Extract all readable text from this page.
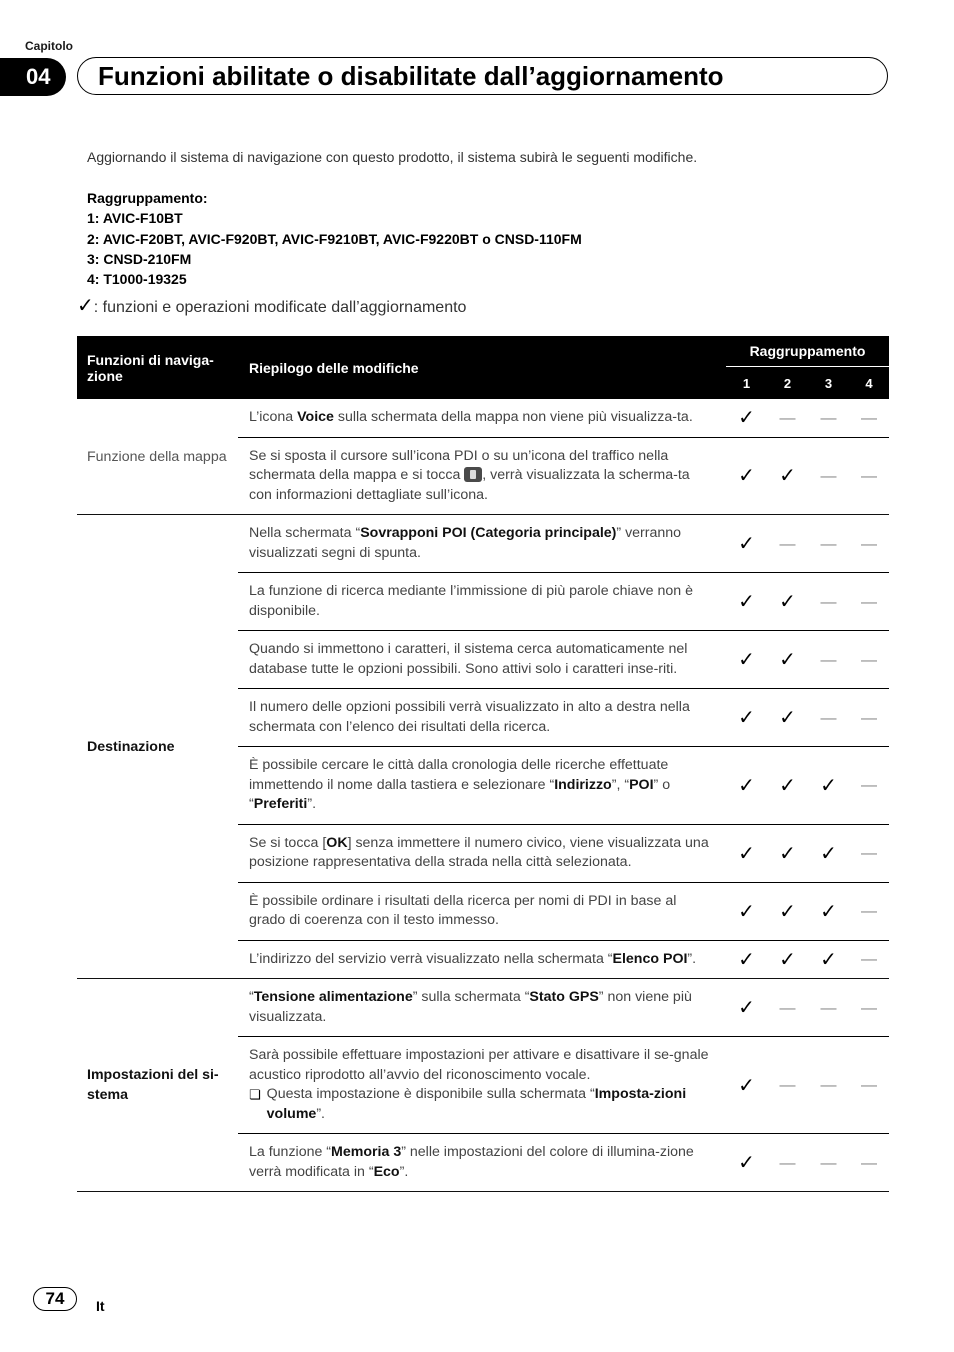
Capitolo
04	Funzioni abilitate o disabilitate dall’aggiornamento
Aggiornando il sistema di navigazione con questo prodotto, il sistema subirà le seguenti modifiche.
Raggruppamento:
1: AVIC-F10BT
2: AVIC-F20BT, AVIC-F920BT, AVIC-F9210BT, AVIC-F9220BT o CNSD-110FM
3: CNSD-210FM
4: T1000-19325
✓: funzioni e operazioni modificate dall’aggiornamento
Funzioni di naviga-zione	Riepilogo delle modifiche	Raggruppamento			
		1	2	3	4
Funzione della mappa	L’icona Voice sulla schermata della mappa non viene più visualizza-ta.	✓	—	—	—

	Se si sposta il cursore sull’icona PDI o su un’icona del traffico nella schermata della mappa e si tocca , verrà visualizzata la scherma-ta con informazioni dettagliate sull’icona.	✓	✓	—	—
Destinazione	Nella schermata “Sovrapponi POI (Categoria principale)” verranno visualizzati segni di spunta.	✓	—	—	—

	La funzione di ricerca mediante l’immissione di più parole chiave non è disponibile.	✓	✓	—	—

	Quando si immettono i caratteri, il sistema cerca automaticamente nel database tutte le opzioni possibili. Sono attivi solo i caratteri inse-riti.	✓	✓	—	—

	Il numero delle opzioni possibili verrà visualizzato in alto a destra nella schermata con l’elenco dei risultati della ricerca.	✓	✓	—	—

	È possibile cercare le città dalla cronologia delle ricerche effettuate immettendo il nome dalla tastiera e selezionare “Indirizzo”, “POI” o “Preferiti”.	✓	✓	✓	—

	Se si tocca [OK] senza immettere il numero civico, viene visualizzata una posizione rappresentativa della strada nella città selezionata.	✓	✓	✓	—

	È possibile ordinare i risultati della ricerca per nomi di PDI in base al grado di coerenza con il testo immesso.	✓	✓	✓	—

	L’indirizzo del servizio verrà visualizzato nella schermata “Elenco POI”.	✓	✓	✓	—
Impostazioni del si-stema	“Tensione alimentazione” sulla schermata “Stato GPS” non viene più visualizzata.	✓	—	—	—

	Sarà possibile effettuare impostazioni per attivare e disattivare il se-gnale acustico riprodotto all’avvio del riconoscimento vocale.
❏ Questa impostazione è disponibile sulla schermata “Imposta-zioni volume”.	✓	—	—	—

	La funzione “Memoria 3” nelle impostazioni del colore di illumina-zione verrà modificata in “Eco”.	✓	—	—	—
74	It
